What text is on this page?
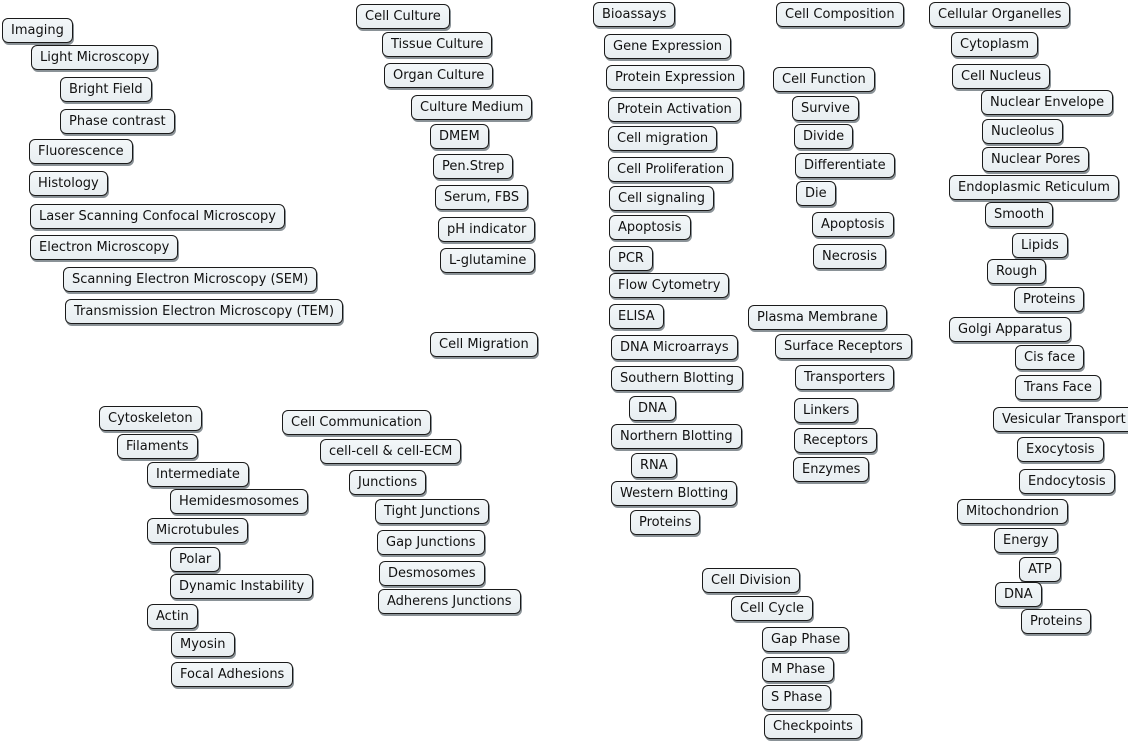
Imaging
Light Microscopy
Bright Field
Phase contrast
Fluorescence
Histology
Laser Scanning Confocal Microscopy
Electron Microscopy
Scanning Electron Microscopy (SEM)
Transmission Electron Microscopy (TEM)
Cell Culture
Tissue Culture
Organ Culture
Culture Medium
DMEM
Pen.Strep
Serum, FBS
pH indicator
L-glutamine
Cell Migration
Bioassays
Gene Expression
Protein Expression
Protein Activation
Cell migration
Cell Proliferation
Cell signaling
Apoptosis
PCR
Flow Cytometry
ELISA
DNA Microarrays
Southern Blotting
DNA
Northern Blotting
RNA
Western Blotting
Proteins
Cell Composition
Cell Function
Survive
Divide
Differentiate
Die
Apoptosis
Necrosis
Plasma Membrane
Surface Receptors
Transporters
Linkers
Receptors
Enzymes
Cellular Organelles
Cytoplasm
Cell Nucleus
Nuclear Envelope
Nucleolus
Nuclear Pores
Endoplasmic Reticulum
Smooth
Lipids
Rough
Proteins
Golgi Apparatus
Cis face
Trans Face
Vesicular Transport
Exocytosis
Endocytosis
Mitochondrion
Energy
ATP
DNA
Proteins
Cytoskeleton
Filaments
Intermediate
Hemidesmosomes
Microtubules
Polar
Dynamic Instability
Actin
Myosin
Focal Adhesions
Cell Communication
cell-cell & cell-ECM
Junctions
Tight Junctions
Gap Junctions
Desmosomes
Adherens Junctions
Cell Division
Cell Cycle
Gap Phase
M Phase
S Phase
Checkpoints
